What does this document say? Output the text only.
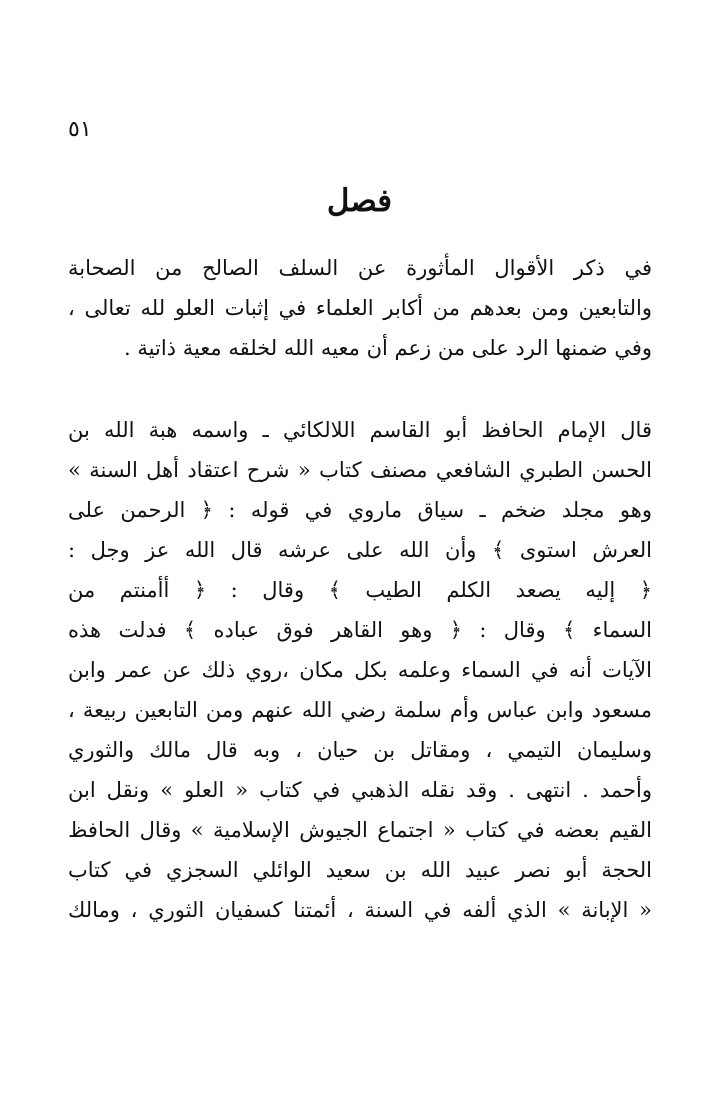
٥١
فصل
في ذكر الأقوال المأثورة عن السلف الصالح من الصحابة
والتابعين ومن بعدهم من أكابر العلماء في إثبات العلو لله تعالى ،
وفي ضمنها الرد على من زعم أن معيه الله لخلقه معية ذاتية .
قال الإمام الحافظ أبو القاسم اللالكائي ـ واسمه هبة الله بن
الحسن الطبري الشافعي مصنف كتاب « شرح اعتقاد أهل السنة »
وهو مجلد ضخم ـ سياق ماروي في قوله : ﴿ الرحمن على
العرش استوى ﴾ وأن الله على عرشه قال الله عز وجل :
﴿ إليه يصعد الكلم الطيب ﴾ وقال : ﴿ أأمنتم من
السماء ﴾ وقال : ﴿ وهو القاهر فوق عباده ﴾ فدلت هذه
الآيات أنه في السماء وعلمه بكل مكان ،روي ذلك عن عمر وابن
مسعود وابن عباس وأم سلمة رضي الله عنهم ومن التابعين ربيعة ،
وسليمان التيمي ، ومقاتل بن حيان ، وبه قال مالك والثوري
وأحمد . انتهى . وقد نقله الذهبي في كتاب « العلو » ونقل ابن
القيم بعضه في كتاب « اجتماع الجيوش الإسلامية » وقال الحافظ
الحجة أبو نصر عبيد الله بن سعيد الوائلي السجزي في كتاب
« الإبانة » الذي ألفه في السنة ، أئمتنا كسفيان الثوري ، ومالك
